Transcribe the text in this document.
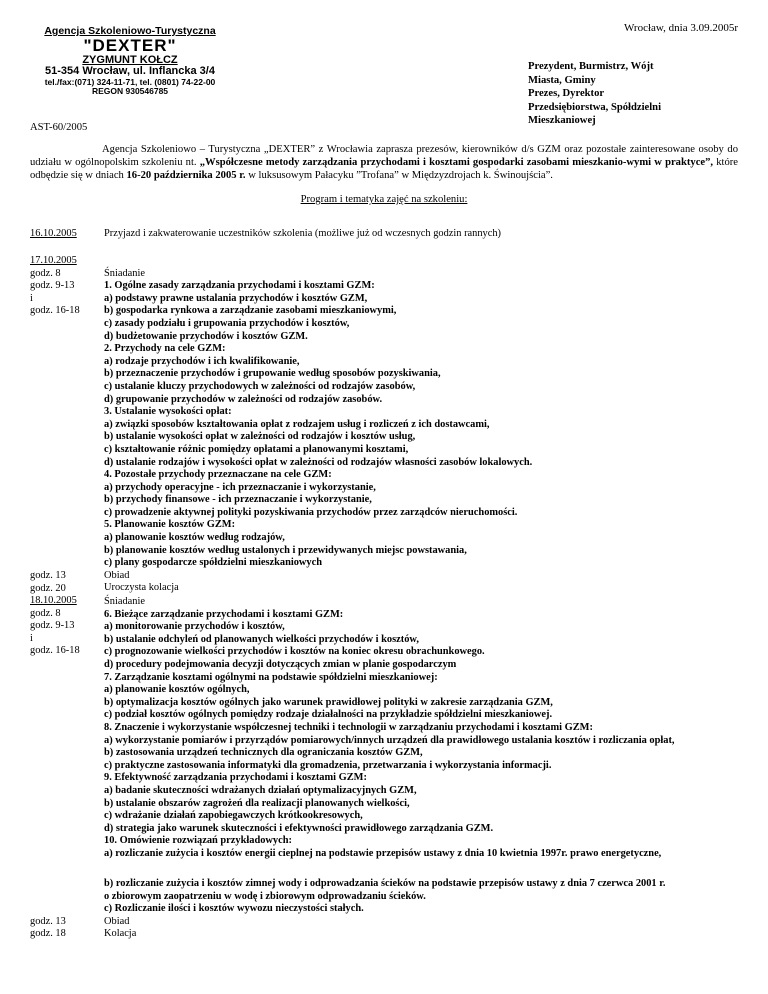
Agencja Szkoleniowo-Turystyczna
"DEXTER"
ZYGMUNT KOŁCZ
51-354 Wrocław, ul. Inflancka 3/4
tel./fax:(071) 324-11-71, tel. (0801) 74-22-00
REGON 930546785
Wrocław, dnia 3.09.2005r
Prezydent, Burmistrz, Wójt
Miasta, Gminy
Prezes, Dyrektor
Przedsiębiorstwa, Spółdzielni
Mieszkaniowej
AST-60/2005
Agencja Szkoleniowo – Turystyczna „DEXTER” z Wrocławia zaprasza prezesów, kierowników d/s GZM oraz pozostałe zainteresowane osoby do udziału w ogólnopolskim szkoleniu nt. „Współczesne metody zarządzania przychodami i kosztami gospodarki zasobami mieszkanio-wymi w praktyce”, które odbędzie się w dniach 16-20 października 2005 r. w luksusowym Pałacyku ”Trofana” w Międzyzdrojach k. Świnoujścia”.
Program i tematyka zajęć na szkoleniu:
16.10.2005	Przyjazd i zakwaterowanie uczestników szkolenia (możliwe już od wczesnych godzin rannych)
17.10.2005
godz. 8
godz. 9-13
i
godz. 16-18
Śniadanie
1. Ogólne zasady zarządzania przychodami i kosztami GZM:
a) podstawy prawne ustalania przychodów i kosztów GZM,
b) gospodarka rynkowa a zarządzanie zasobami mieszkaniowymi,
c) zasady podziału i grupowania przychodów i kosztów,
d) budżetowanie przychodów i kosztów GZM.
2. Przychody na cele GZM:
a) rodzaje przychodów i ich kwalifikowanie,
b) przeznaczenie przychodów i grupowanie według sposobów pozyskiwania,
c) ustalanie kluczy przychodowych w zależności od rodzajów zasobów,
d) grupowanie przychodów w zależności od rodzajów zasobów.
3. Ustalanie wysokości opłat:
a) związki sposobów kształtowania opłat z rodzajem usług i rozliczeń z ich dostawcami,
b) ustalanie wysokości opłat w zależności od rodzajów i kosztów usług,
c) kształtowanie różnic pomiędzy opłatami a planowanymi kosztami,
d) ustalanie rodzajów i wysokości opłat w zależności od rodzajów własności zasobów lokalowych.
4. Pozostałe przychody przeznaczane na cele GZM:
a) przychody operacyjne - ich przeznaczanie i wykorzystanie,
b) przychody finansowe - ich przeznaczanie i wykorzystanie,
c) prowadzenie aktywnej polityki pozyskiwania przychodów przez zarządców nieruchomości.
5. Planowanie kosztów GZM:
a) planowanie kosztów według rodzajów,
b) planowanie kosztów według ustalonych i przewidywanych miejsc powstawania,
c) plany gospodarcze spółdzielni mieszkaniowych
Obiad
Uroczysta kolacja
godz. 13
godz. 20
18.10.2005
godz. 8
godz. 9-13
i
godz. 16-18
Śniadanie
6. Bieżące zarządzanie przychodami i kosztami GZM:
a) monitorowanie przychodów i kosztów,
b) ustalanie odchyleń od planowanych wielkości przychodów i kosztów,
c) prognozowanie wielkości przychodów i kosztów na koniec okresu obrachunkowego.
d) procedury podejmowania decyzji dotyczących zmian w planie gospodarczym
7. Zarządzanie kosztami ogólnymi na podstawie spółdzielni mieszkaniowej:
a) planowanie kosztów ogólnych,
b) optymalizacja kosztów ogólnych jako warunek prawidłowej polityki w zakresie zarządzania GZM,
c) podział kosztów ogólnych pomiędzy rodzaje działalności na przykładzie spółdzielni mieszkaniowej.
8. Znaczenie i wykorzystanie współczesnej techniki i technologii w zarządzaniu przychodami i kosztami GZM:
a) wykorzystanie pomiarów i przyrządów pomiarowych/innych urządzeń dla prawidłowego ustalania kosztów i rozliczania opłat,
b) zastosowania urządzeń technicznych dla ograniczania kosztów GZM,
c) praktyczne zastosowania informatyki dla gromadzenia, przetwarzania i wykorzystania informacji.
9. Efektywność zarządzania przychodami i kosztami GZM:
a) badanie skuteczności wdrażanych działań optymalizacyjnych GZM,
b) ustalanie obszarów zagrożeń dla realizacji planowanych wielkości,
c) wdrażanie działań zapobiegawczych krótkookresowych,
d) strategia jako warunek skuteczności i efektywności prawidłowego zarządzania GZM.
10. Omówienie rozwiązań przykładowych:
a) rozliczanie zużycia i kosztów energii cieplnej na podstawie przepisów ustawy z dnia 10 kwietnia 1997r. prawo energetyczne,
b) rozliczanie zużycia i kosztów zimnej wody i odprowadzania ścieków na podstawie przepisów ustawy z dnia 7 czerwca 2001 r.
o zbiorowym zaopatrzeniu w wodę i zbiorowym odprowadzaniu ścieków.
c) Rozliczanie ilości i kosztów wywozu nieczystości stałych.
Obiad
Kolacja
godz. 13
godz. 18
